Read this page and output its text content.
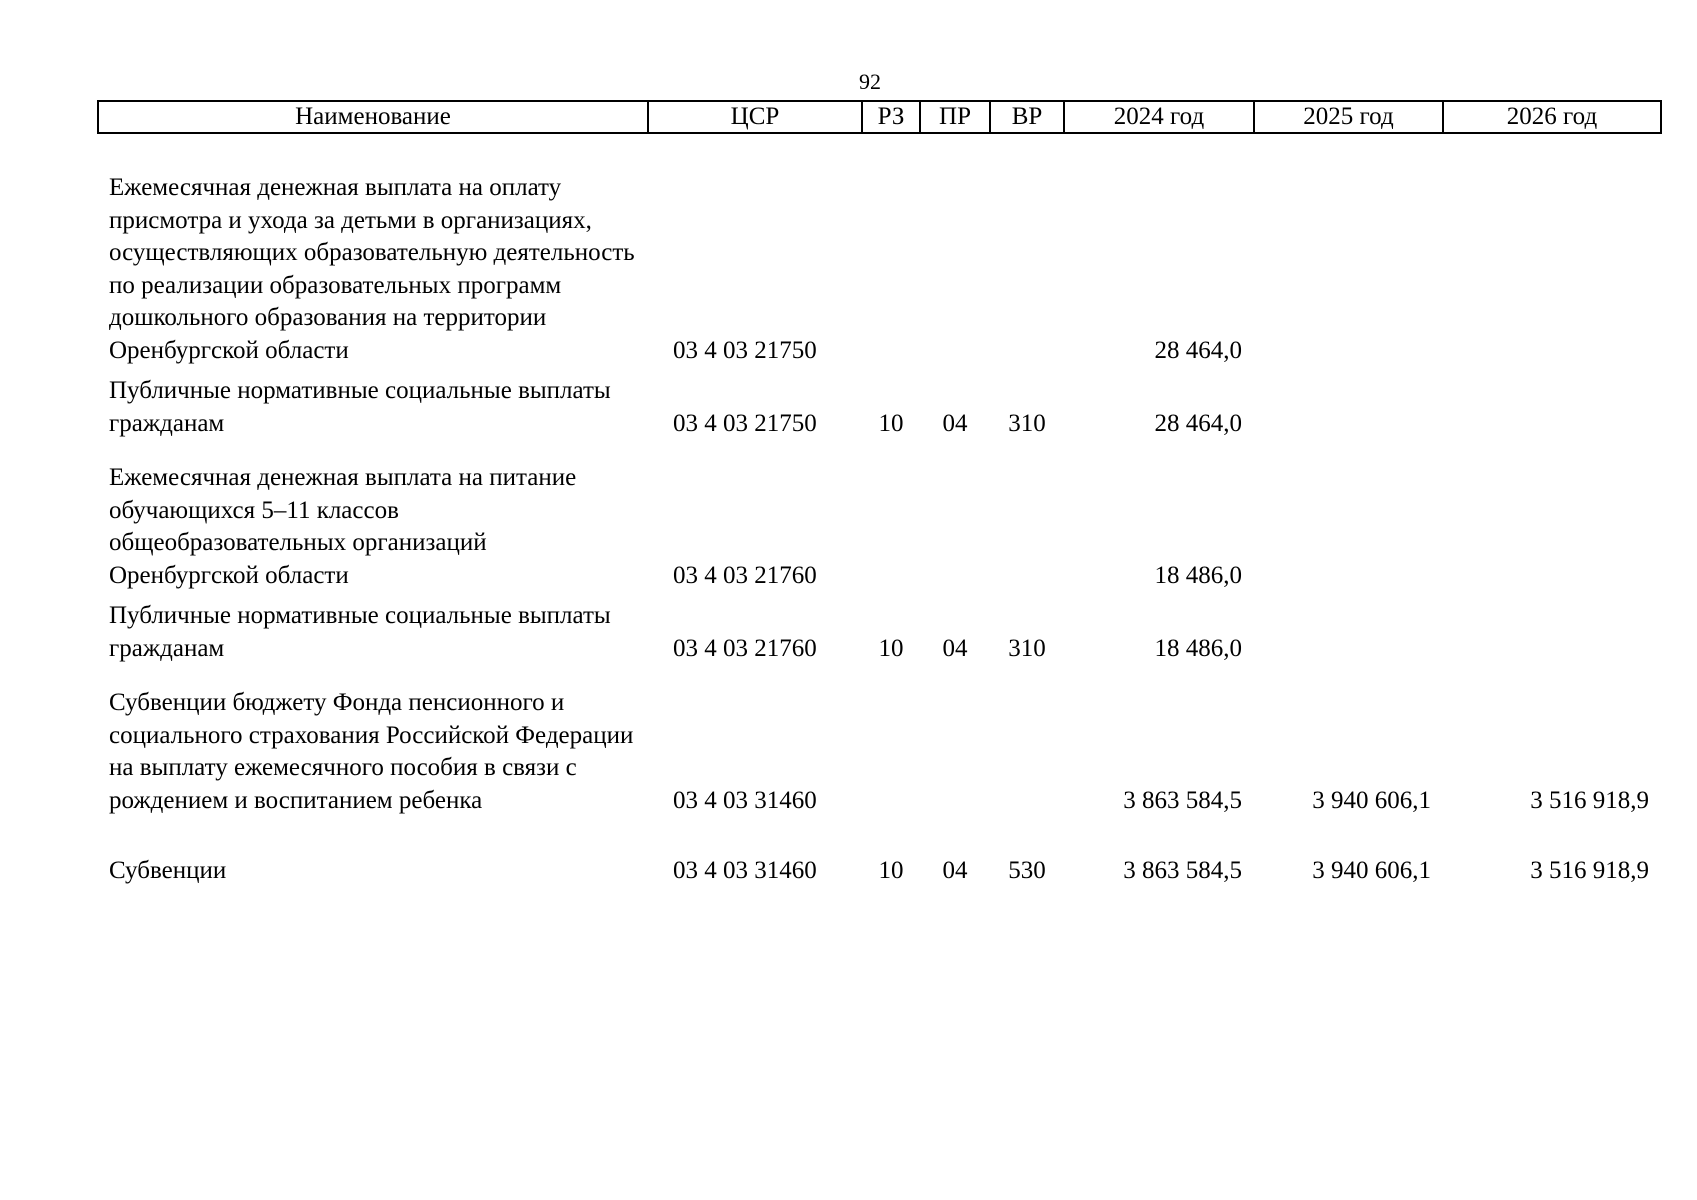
92
Наименование	ЦСР	РЗ	ПР	ВР	2024 год	2025 год	2026 год

Ежемесячная денежная выплата на оплату присмотра и ухода за детьми в организациях, осуществляющих образовательную деятельность по реализации образовательных программ дошкольного образования на территории Оренбургской области	03 4 03 21750				28 464,0		

Публичные нормативные социальные выплаты гражданам	03 4 03 21750	10	04	310	28 464,0		

Ежемесячная денежная выплата на питание обучающихся 5–11 классов общеобразовательных организаций Оренбургской области	03 4 03 21760				18 486,0		

Публичные нормативные социальные выплаты гражданам	03 4 03 21760	10	04	310	18 486,0		

Субвенции бюджету Фонда пенсионного и социального страхования Российской Федерации на выплату ежемесячного пособия в связи с рождением и воспитанием ребенка	03 4 03 31460				3 863 584,5	3 940 606,1	3 516 918,9

Субвенции	03 4 03 31460	10	04	530	3 863 584,5	3 940 606,1	3 516 918,9
